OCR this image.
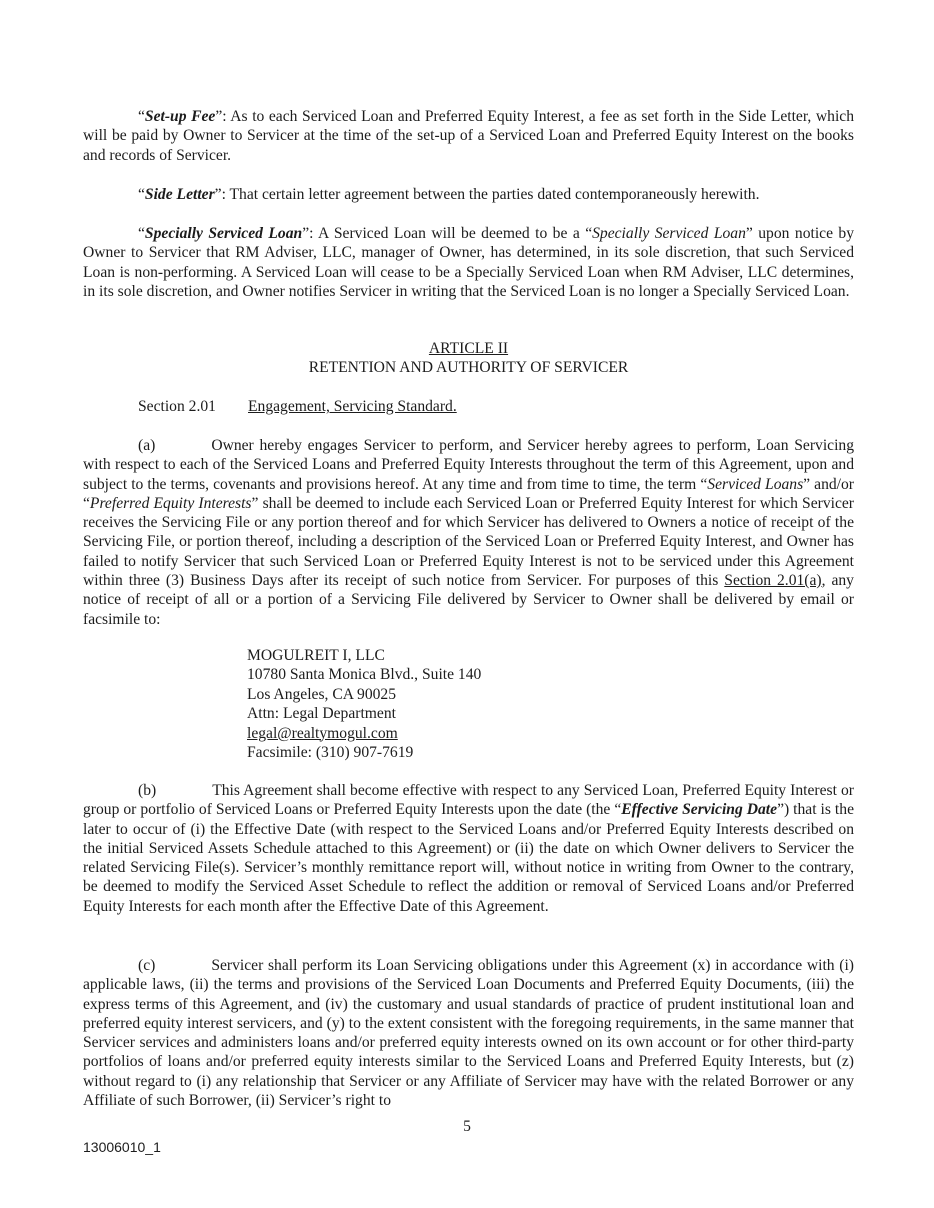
“Set-up Fee”: As to each Serviced Loan and Preferred Equity Interest, a fee as set forth in the Side Letter, which will be paid by Owner to Servicer at the time of the set-up of a Serviced Loan and Preferred Equity Interest on the books and records of Servicer.

“Side Letter”: That certain letter agreement between the parties dated contemporaneously herewith.

“Specially Serviced Loan”: A Serviced Loan will be deemed to be a “Specially Serviced Loan” upon notice by Owner to Servicer that RM Adviser, LLC, manager of Owner, has determined, in its sole discretion, that such Serviced Loan is non-performing. A Serviced Loan will cease to be a Specially Serviced Loan when RM Adviser, LLC determines, in its sole discretion, and Owner notifies Servicer in writing that the Serviced Loan is no longer a Specially Serviced Loan.

ARTICLE II
RETENTION AND AUTHORITY OF SERVICER
Section 2.01 Engagement, Servicing Standard.

(a)	Owner hereby engages Servicer to perform, and Servicer hereby agrees to perform, Loan Servicing with respect to each of the Serviced Loans and Preferred Equity Interests throughout the term of this Agreement, upon and subject to the terms, covenants and provisions hereof. At any time and from time to time, the term “Serviced Loans” and/or “Preferred Equity Interests” shall be deemed to include each Serviced Loan or Preferred Equity Interest for which Servicer receives the Servicing File or any portion thereof and for which Servicer has delivered to Owners a notice of receipt of the Servicing File, or portion thereof, including a description of the Serviced Loan or Preferred Equity Interest, and Owner has failed to notify Servicer that such Serviced Loan or Preferred Equity Interest is not to be serviced under this Agreement within three (3) Business Days after its receipt of such notice from Servicer. For purposes of this Section 2.01(a), any notice of receipt of all or a portion of a Servicing File delivered by Servicer to Owner shall be delivered by email or facsimile to:

MOGULREIT I, LLC
10780 Santa Monica Blvd., Suite 140
Los Angeles, CA 90025
Attn: Legal Department
legal@realtymogul.com
Facsimile: (310) 907-7619

(b)	This Agreement shall become effective with respect to any Serviced Loan, Preferred Equity Interest or group or portfolio of Serviced Loans or Preferred Equity Interests upon the date (the “Effective Servicing Date”) that is the later to occur of (i) the Effective Date (with respect to the Serviced Loans and/or Preferred Equity Interests described on the initial Serviced Assets Schedule attached to this Agreement) or (ii) the date on which Owner delivers to Servicer the related Servicing File(s). Servicer’s monthly remittance report will, without notice in writing from Owner to the contrary, be deemed to modify the Serviced Asset Schedule to reflect the addition or removal of Serviced Loans and/or Preferred Equity Interests for each month after the Effective Date of this Agreement.

(c)	Servicer shall perform its Loan Servicing obligations under this Agreement (x) in accordance with (i) applicable laws, (ii) the terms and provisions of the Serviced Loan Documents and Preferred Equity Documents, (iii) the express terms of this Agreement, and (iv) the customary and usual standards of practice of prudent institutional loan and preferred equity interest servicers, and (y) to the extent consistent with the foregoing requirements, in the same manner that Servicer services and administers loans and/or preferred equity interests owned on its own account or for other third-party portfolios of loans and/or preferred equity interests similar to the Serviced Loans and Preferred Equity Interests, but (z) without regard to (i) any relationship that Servicer or any Affiliate of Servicer may have with the related Borrower or any Affiliate of such Borrower, (ii) Servicer’s right to

5
13006010_1
